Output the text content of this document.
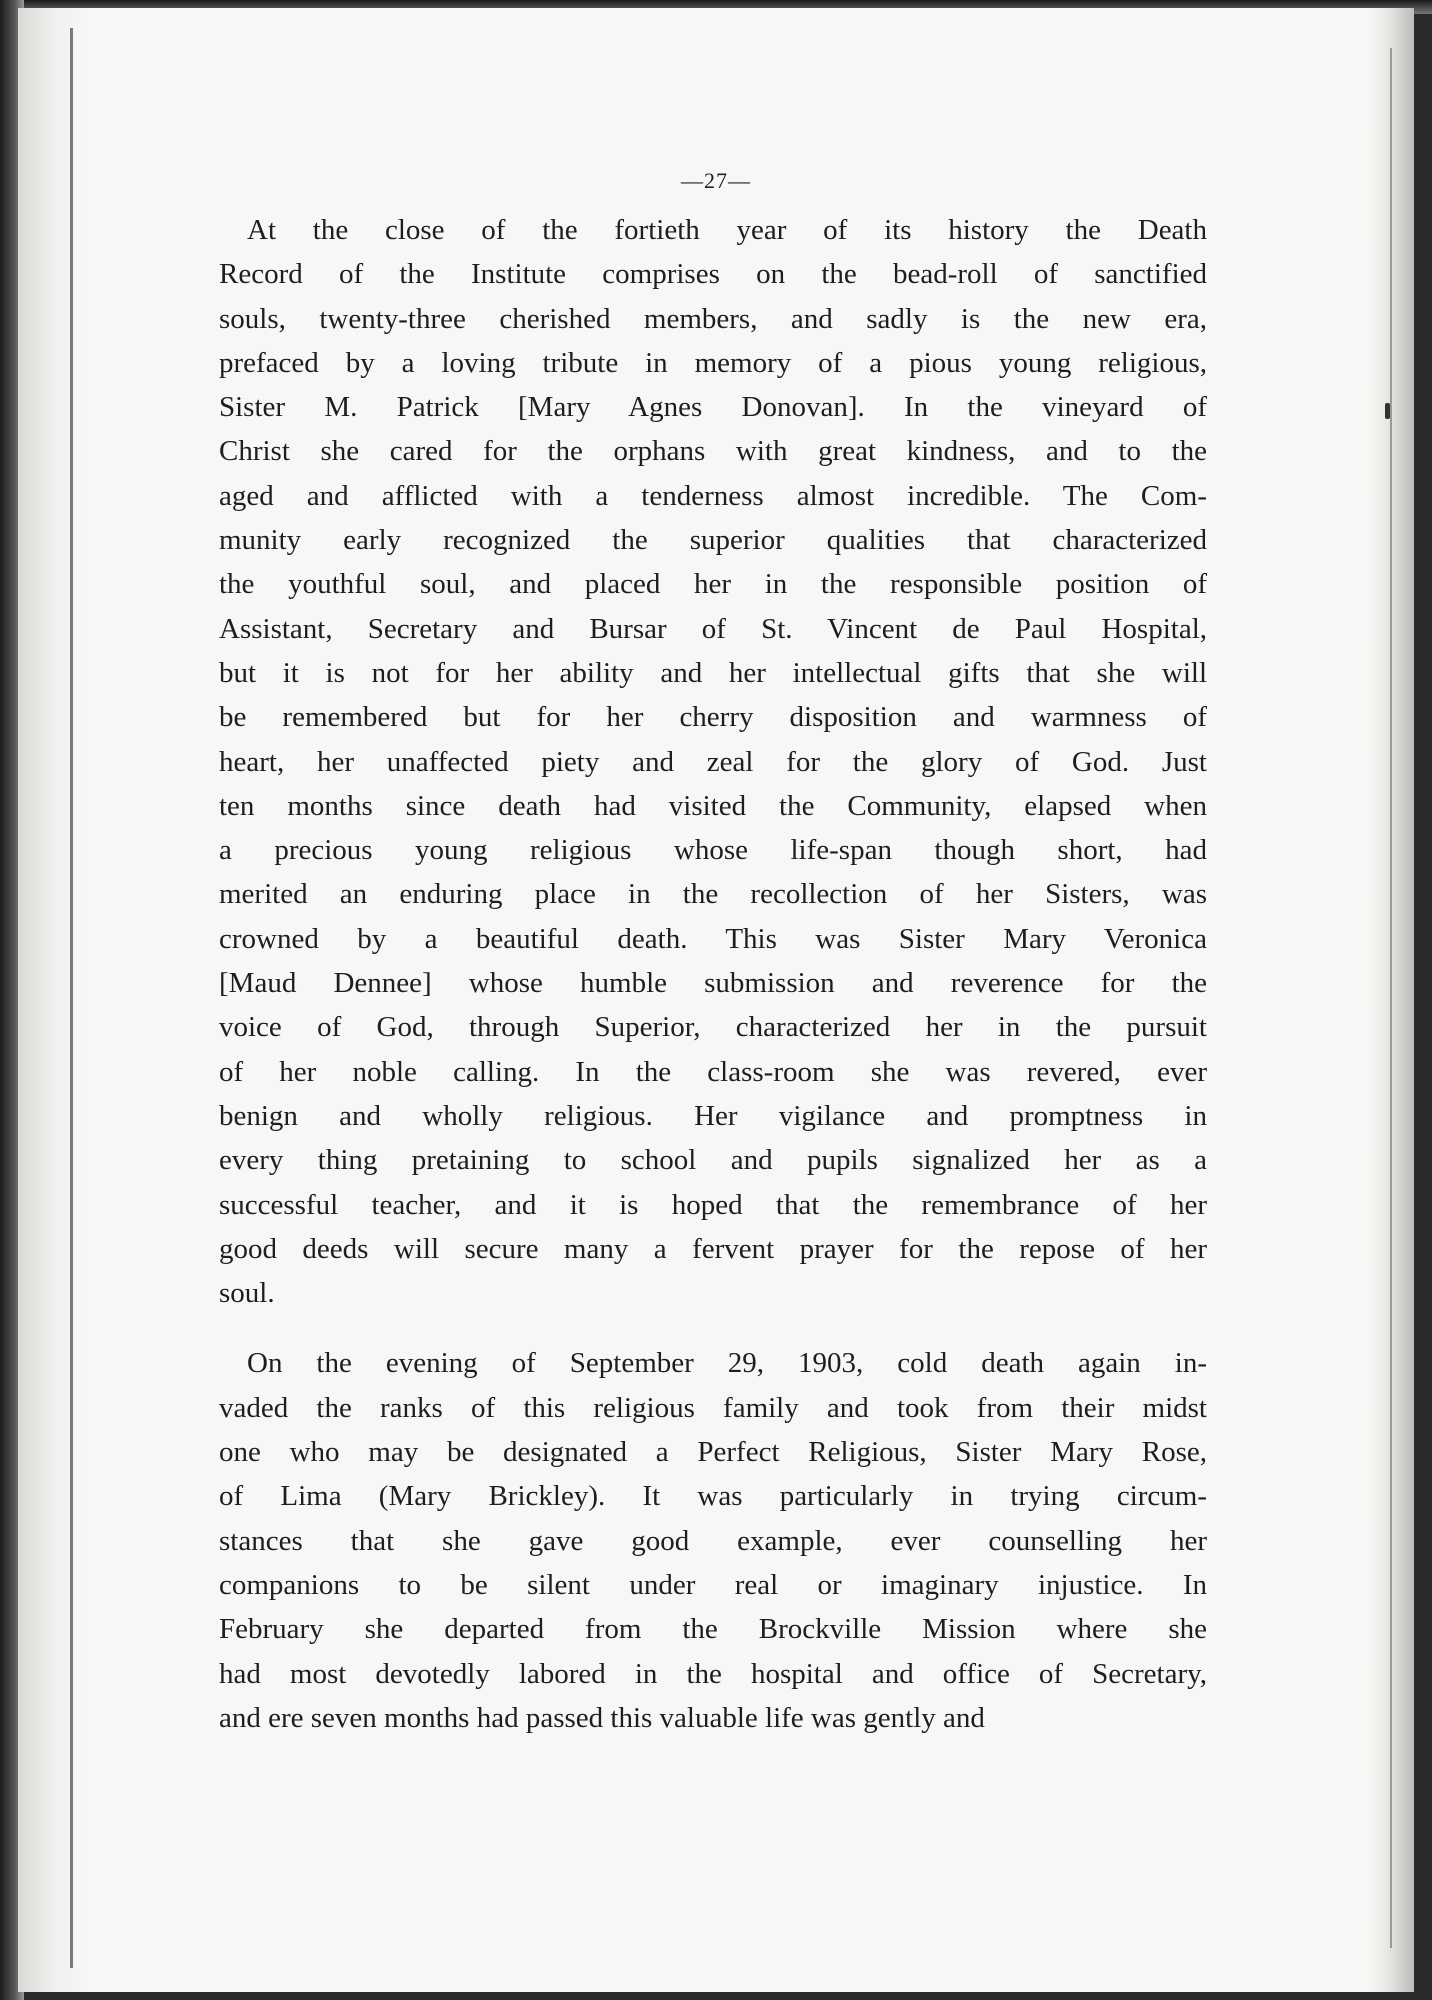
—27—
At the close of the fortieth year of its history the Death
Record of the Institute comprises on the bead-roll of sanctified
souls, twenty-three cherished members, and sadly is the new era,
prefaced by a loving tribute in memory of a pious young religious,
Sister M. Patrick [Mary Agnes Donovan]. In the vineyard of
Christ she cared for the orphans with great kindness, and to the
aged and afflicted with a tenderness almost incredible. The Com-
munity early recognized the superior qualities that characterized
the youthful soul, and placed her in the responsible position of
Assistant, Secretary and Bursar of St. Vincent de Paul Hospital,
but it is not for her ability and her intellectual gifts that she will
be remembered but for her cherry disposition and warmness of
heart, her unaffected piety and zeal for the glory of God. Just
ten months since death had visited the Community, elapsed when
a precious young religious whose life-span though short, had
merited an enduring place in the recollection of her Sisters, was
crowned by a beautiful death. This was Sister Mary Veronica
[Maud Dennee] whose humble submission and reverence for the
voice of God, through Superior, characterized her in the pursuit
of her noble calling. In the class-room she was revered, ever
benign and wholly religious. Her vigilance and promptness in
every thing pretaining to school and pupils signalized her as a
successful teacher, and it is hoped that the remembrance of her
good deeds will secure many a fervent prayer for the repose of her
soul.
On the evening of September 29, 1903, cold death again in-
vaded the ranks of this religious family and took from their midst
one who may be designated a Perfect Religious, Sister Mary Rose,
of Lima (Mary Brickley). It was particularly in trying circum-
stances that she gave good example, ever counselling her
companions to be silent under real or imaginary injustice. In
February she departed from the Brockville Mission where she
had most devotedly labored in the hospital and office of Secretary,
and ere seven months had passed this valuable life was gently and
